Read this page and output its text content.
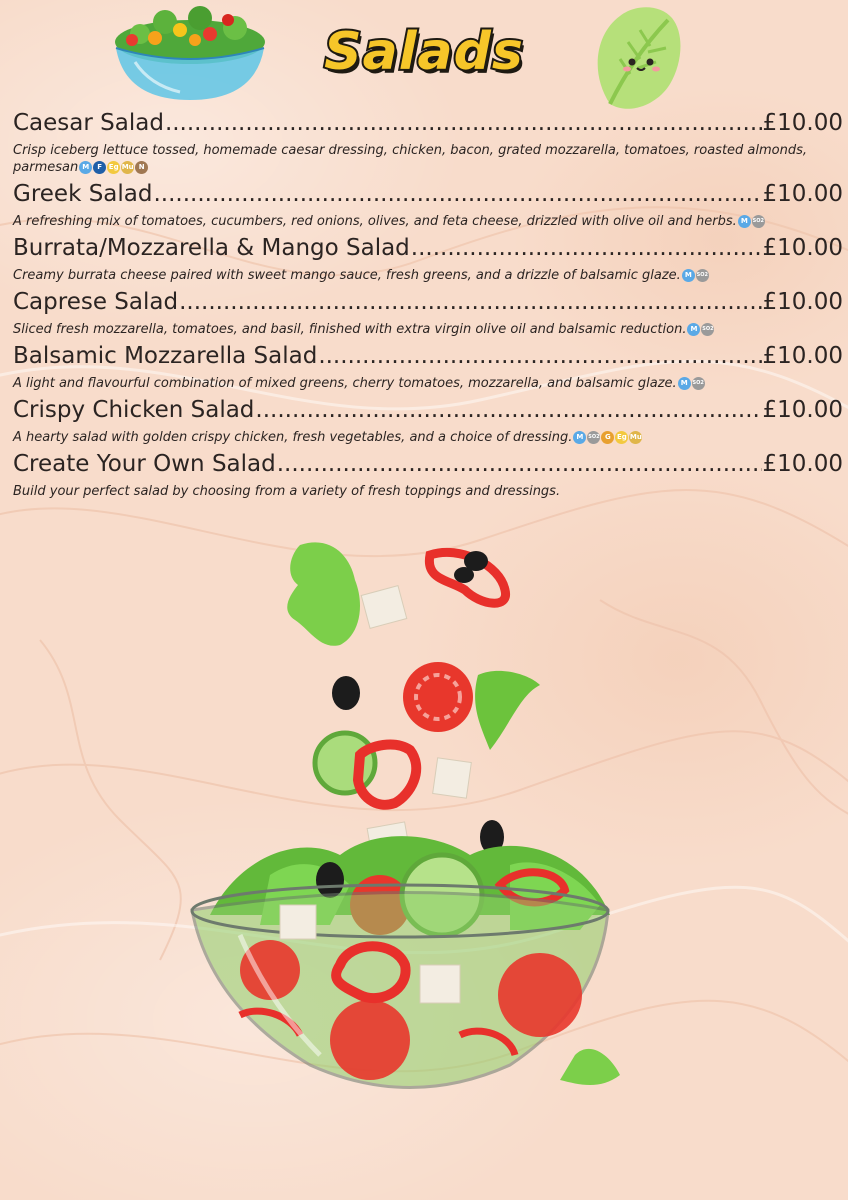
Salads
Caesar Salad .....	£10.00
Crisp iceberg lettuce tossed, homemade caesar dressing, chicken, bacon, grated mozzarella, tomatoes, roasted almonds, parmesan M F Eg Mu N
Greek Salad .....	£10.00
A refreshing mix of tomatoes, cucumbers, red onions, olives, and feta cheese, drizzled with olive oil and herbs. M SO2
Burrata/Mozzarella & Mango Salad .....	£10.00
Creamy burrata cheese paired with sweet mango sauce, fresh greens, and a drizzle of balsamic glaze. M SO2
Caprese Salad .....	£10.00
Sliced fresh mozzarella, tomatoes, and basil, finished with extra virgin olive oil and balsamic reduction. M SO2
Balsamic Mozzarella Salad .....	£10.00
A light and flavourful combination of mixed greens, cherry tomatoes, mozzarella, and balsamic glaze. M SO2
Crispy Chicken Salad .....	£10.00
A hearty salad with golden crispy chicken, fresh vegetables, and a choice of dressing. M SO2 G Eg Mu
Create Your Own Salad .....	£10.00
Build your perfect salad by choosing from a variety of fresh toppings and dressings.
